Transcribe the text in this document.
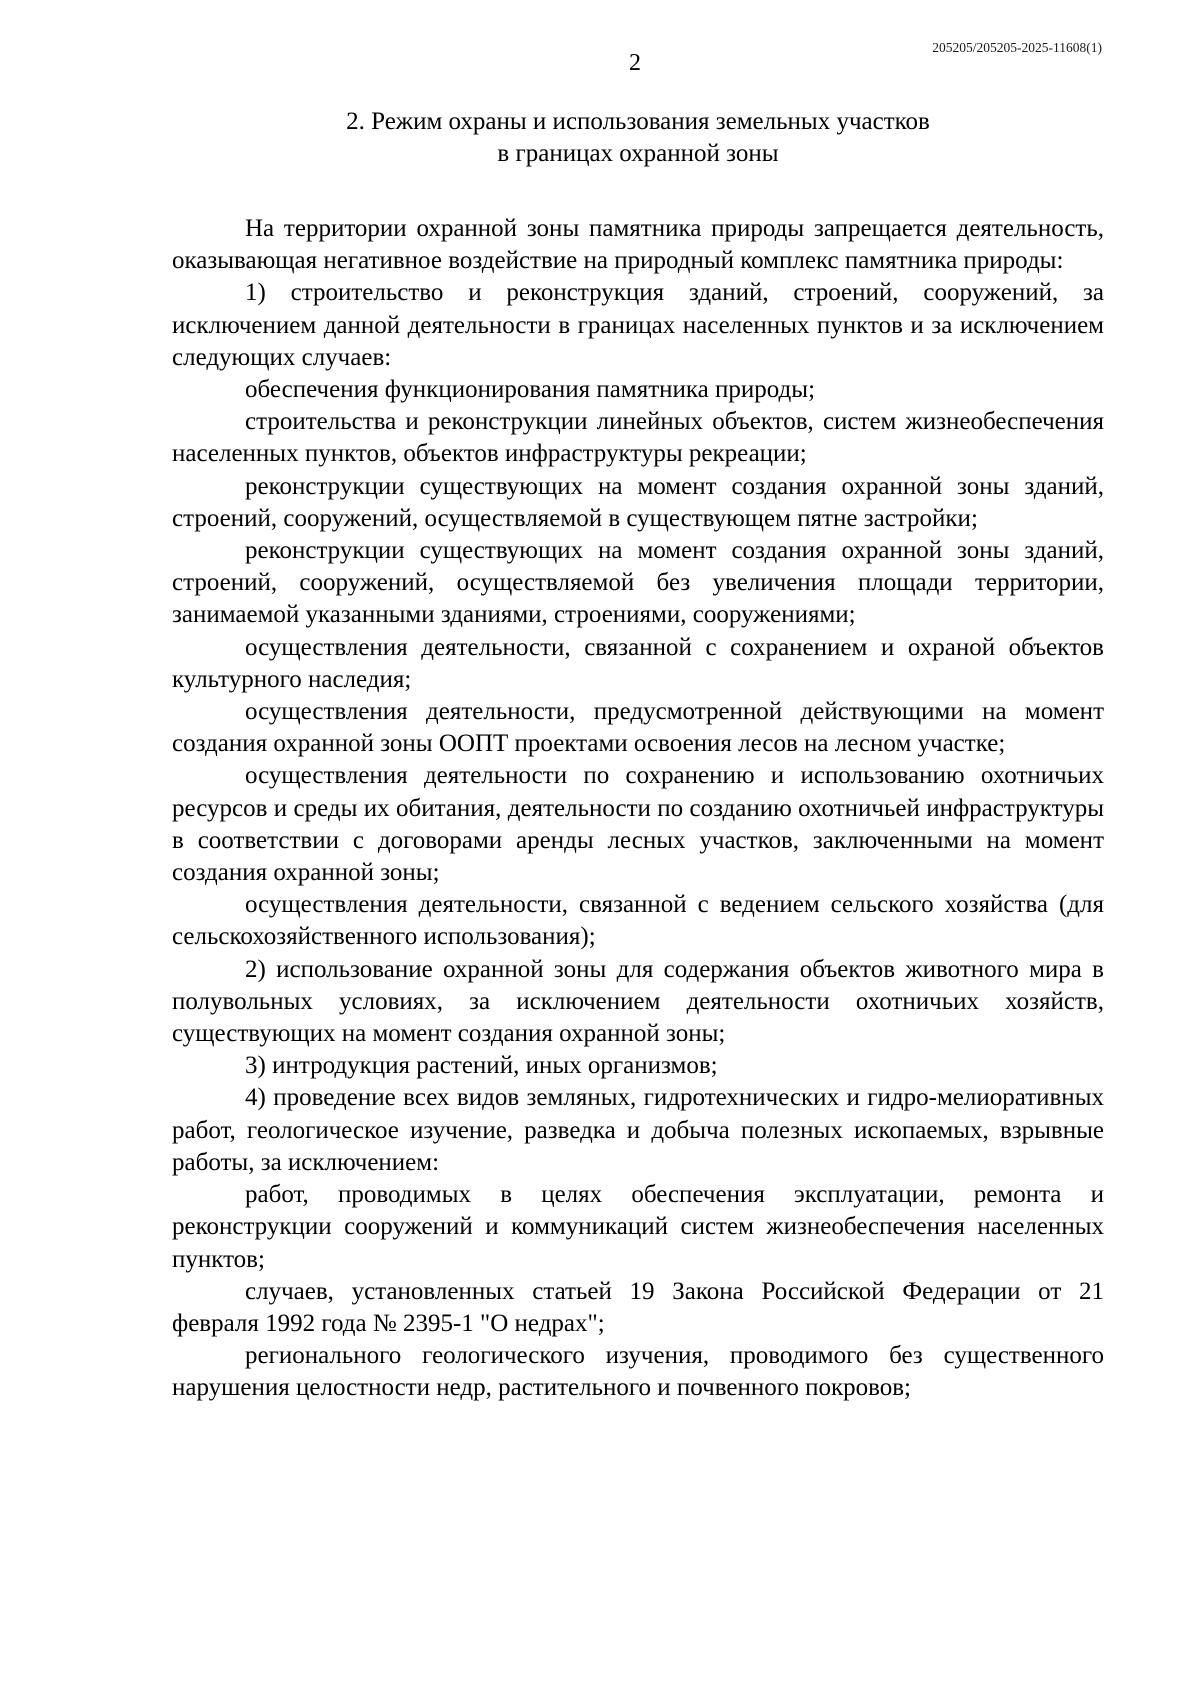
205205/205205-2025-11608(1)
2
2. Режим охраны и использования земельных участков
в границах охранной зоны

На территории охранной зоны памятника природы запрещается деятельность, оказывающая негативное воздействие на природный комплекс памятника природы:

1) строительство и реконструкция зданий, строений, сооружений, за исключением данной деятельности в границах населенных пунктов и за исключением следующих случаев:

обеспечения функционирования памятника природы;

строительства и реконструкции линейных объектов, систем жизнеобеспечения населенных пунктов, объектов инфраструктуры рекреации;

реконструкции существующих на момент создания охранной зоны зданий, строений, сооружений, осуществляемой в существующем пятне застройки;

реконструкции существующих на момент создания охранной зоны зданий, строений, сооружений, осуществляемой без увеличения площади территории, занимаемой указанными зданиями, строениями, сооружениями;

осуществления деятельности, связанной с сохранением и охраной объектов культурного наследия;

осуществления деятельности, предусмотренной действующими на момент создания охранной зоны ООПТ проектами освоения лесов на лесном участке;

осуществления деятельности по сохранению и использованию охотничьих ресурсов и среды их обитания, деятельности по созданию охотничьей инфраструктуры в соответствии с договорами аренды лесных участков, заключенными на момент создания охранной зоны;

осуществления деятельности, связанной с ведением сельского хозяйства (для сельскохозяйственного использования);

2) использование охранной зоны для содержания объектов животного мира в полувольных условиях, за исключением деятельности охотничьих хозяйств, существующих на момент создания охранной зоны;

3) интродукция растений, иных организмов;

4) проведение всех видов земляных, гидротехнических и гидро-мелиоративных работ, геологическое изучение, разведка и добыча полезных ископаемых, взрывные работы, за исключением:

работ, проводимых в целях обеспечения эксплуатации, ремонта и реконструкции сооружений и коммуникаций систем жизнеобеспечения населенных пунктов;

случаев, установленных статьей 19 Закона Российской Федерации от 21 февраля 1992 года № 2395-1 "О недрах";

регионального геологического изучения, проводимого без существенного нарушения целостности недр, растительного и почвенного покровов;
